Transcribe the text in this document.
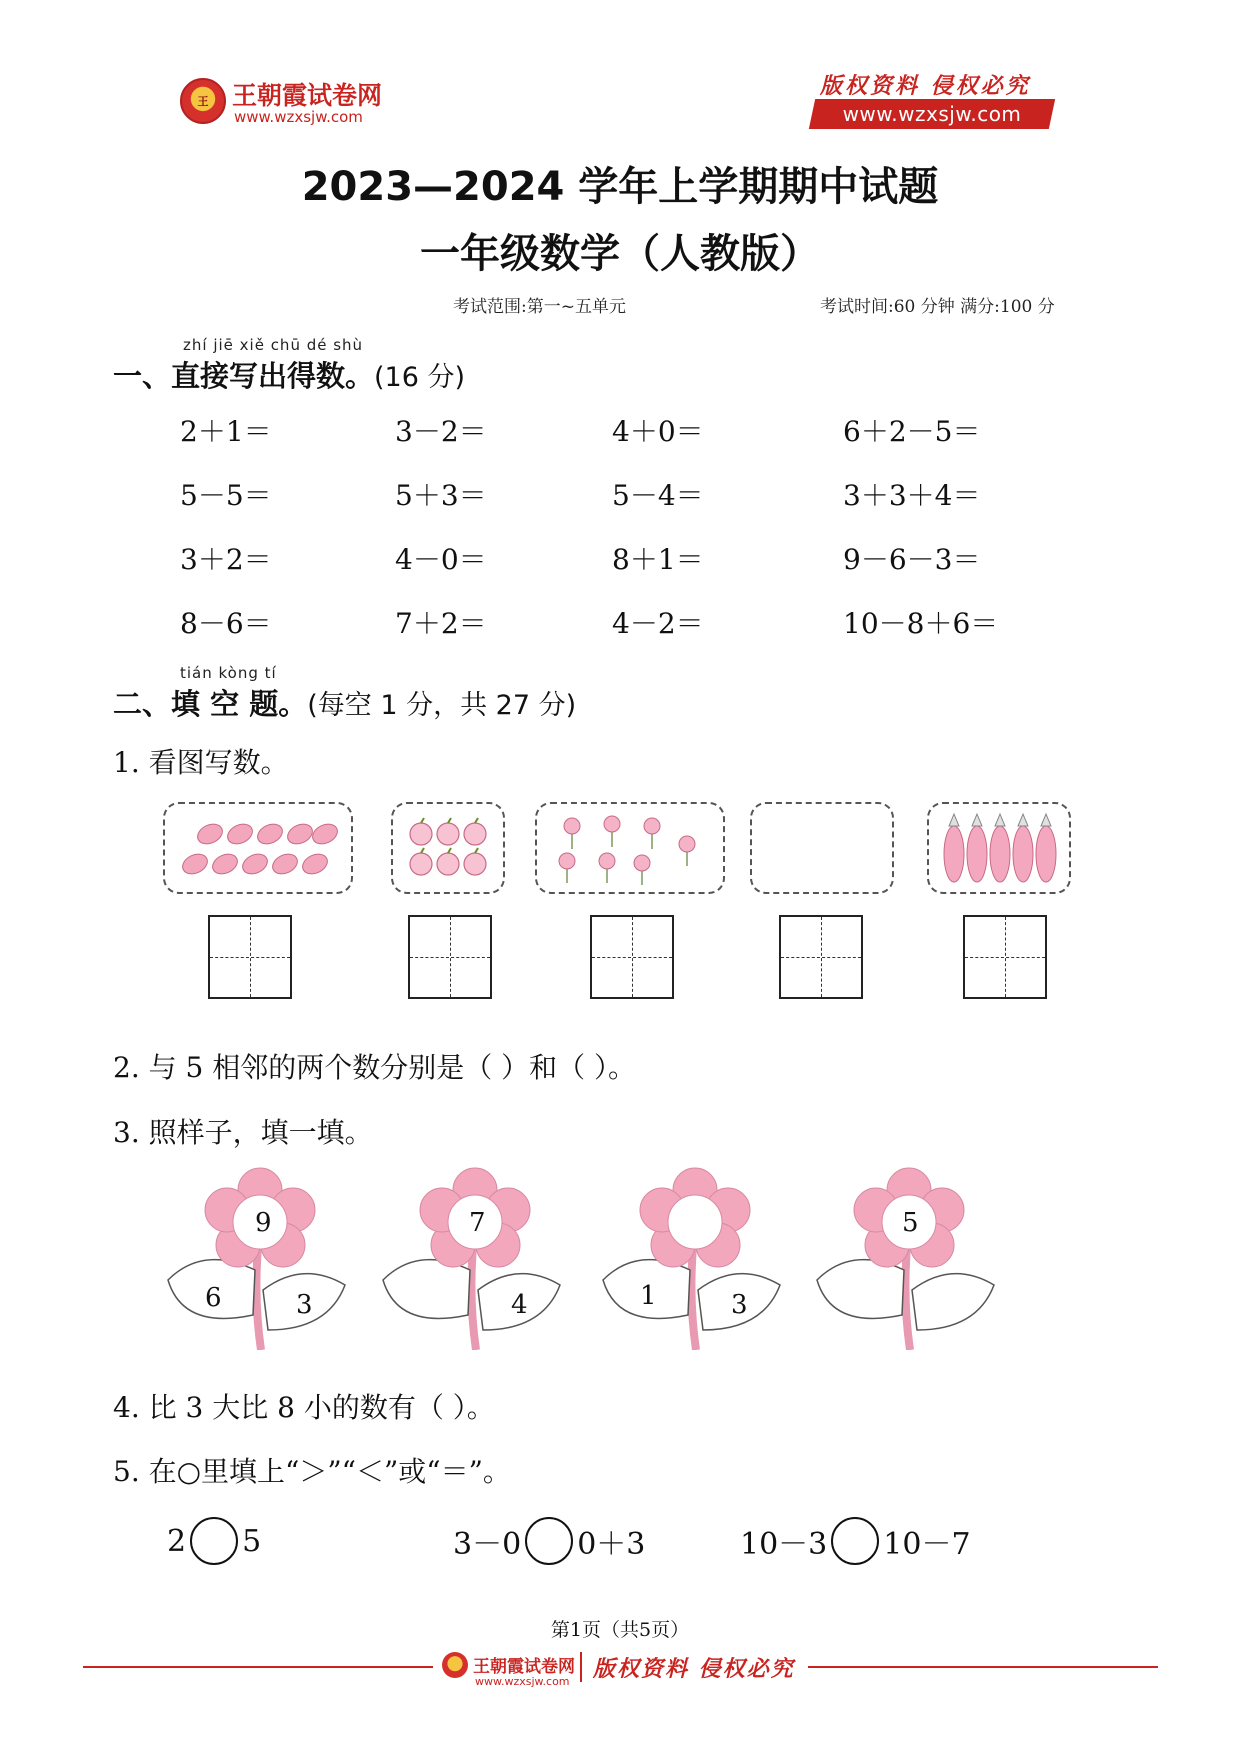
王 王朝霞试卷网
www.wzxsjw.com
版权资料 侵权必究
www.wzxsjw.com
2023—2024 学年上学期期中试题
一年级数学（人教版）
考试范围:第一~五单元	考试时间:60 分钟 满分:100 分
zhí jiē xiě chū dé shù
一、直接写出得数。(16 分)
2＋1＝	3－2＝	4＋0＝	6＋2－5＝
5－5＝	5＋3＝	5－4＝	3＋3＋4＝
3＋2＝	4－0＝	8＋1＝	9－6－3＝
8－6＝	7＋2＝	4－2＝	10－8＋6＝
tián kòng tí
二、填 空 题。(每空 1 分，共 27 分)
1. 看图写数。
2. 与 5 相邻的两个数分别是（ ）和（ ）。
3. 照样子，填一填。
6	3
7
4	1	3
5
4. 比 3 大比 8 小的数有（ ）。
5. 在○里填上“＞”“＜”或“＝”。
2 5	3－0 0＋3	10－3 10－7
第1页（共5页）
王朝霞试卷网
www.wzxsjw.com 版权资料 侵权必究
